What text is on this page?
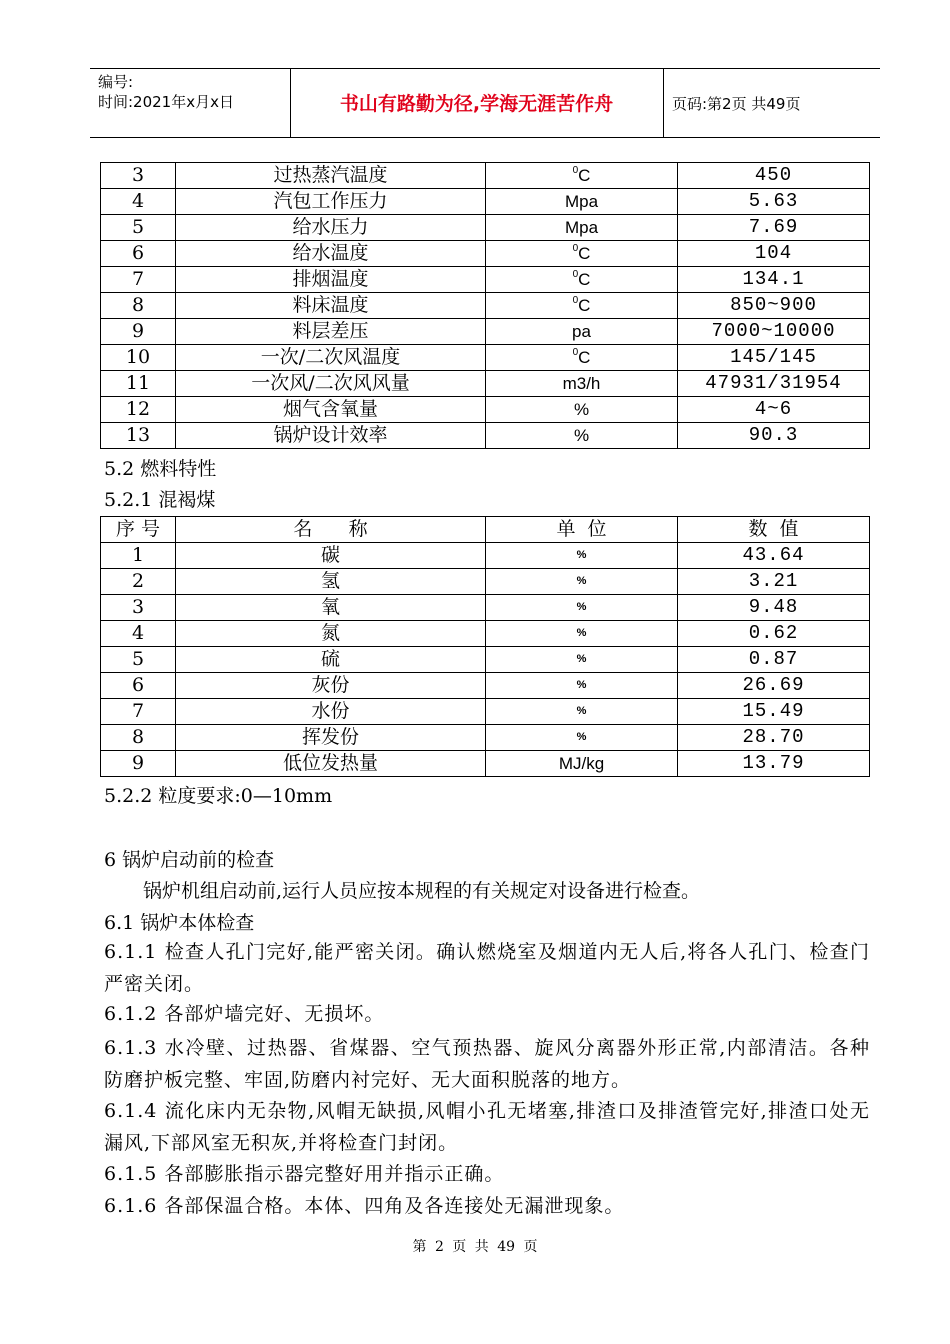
编号:
时间:2021年x月x日	书山有路勤为径,学海无涯苦作舟	页码:第2页 共49页
3	过热蒸汽温度	$^0$C	450
4	汽包工作压力	Mpa	5.63
5	给水压力	Mpa	7.69
6	给水温度	$^0$C	104
7	排烟温度	$^0$C	134.1
8	料床温度	$^0$C	850~900
9	料层差压	pa	7000~10000
10	一次/二次风温度	$^0$C	145/145
11	一次风/二次风风量	m3/h	47931/31954
12	烟气含氧量	%	4~6
13	锅炉设计效率	%	90.3
5.2 燃料特性
5.2.1 混褐煤
序 号	名      称	单  位	数  值
1	碳	%	43.64
2	氢	%	3.21
3	氧	%	9.48
4	氮	%	0.62
5	硫	%	0.87
6	灰份	%	26.69
7	水份	%	15.49
8	挥发份	%	28.70
9	低位发热量	MJ/kg	13.79
5.2.2 粒度要求:0—10mm
6 锅炉启动前的检查
锅炉机组启动前,运行人员应按本规程的有关规定对设备进行检查。
6.1 锅炉本体检查
6.1.1 检查人孔门完好,能严密关闭。确认燃烧室及烟道内无人后,将各人孔门、检查门严密关闭。
6.1.2 各部炉墙完好、无损坏。
6.1.3 水冷壁、过热器、省煤器、空气预热器、旋风分离器外形正常,内部清洁。各种防磨护板完整、牢固,防磨内衬完好、无大面积脱落的地方。
6.1.4 流化床内无杂物,风帽无缺损,风帽小孔无堵塞,排渣口及排渣管完好,排渣口处无漏风,下部风室无积灰,并将检查门封闭。
6.1.5 各部膨胀指示器完整好用并指示正确。
6.1.6 各部保温合格。本体、四角及各连接处无漏泄现象。
第 2 页 共 49 页
